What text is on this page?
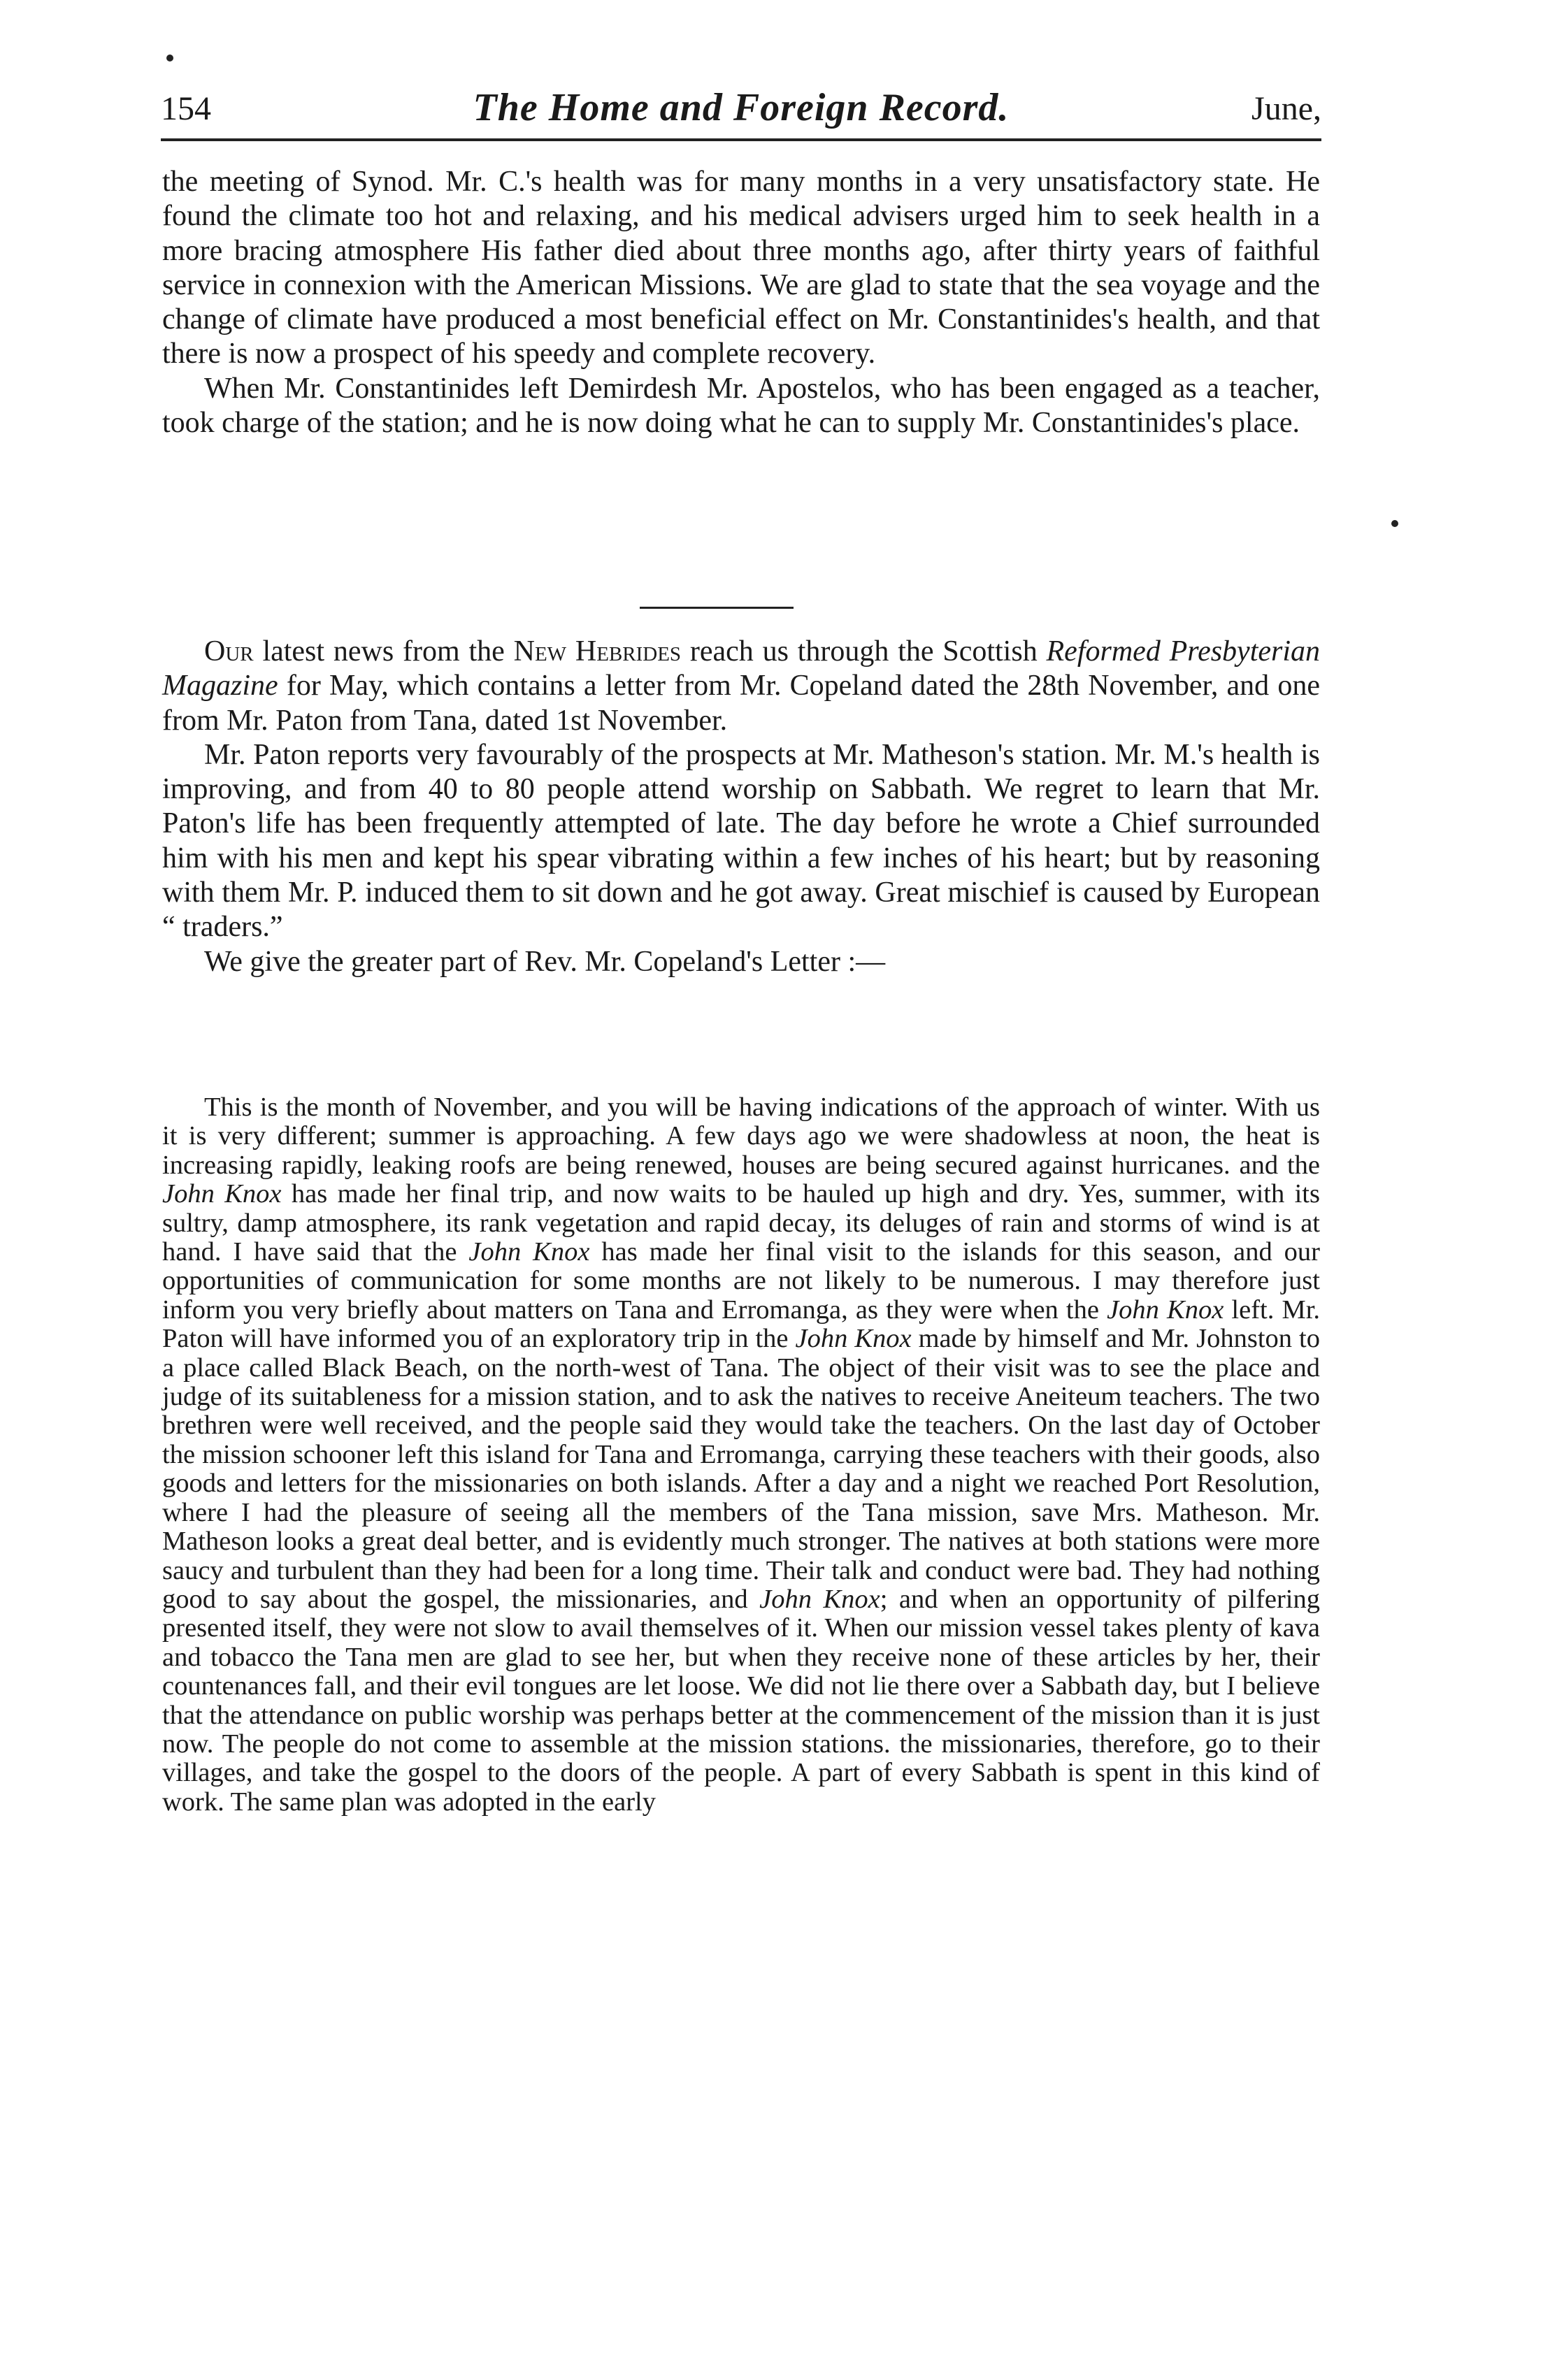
154	The Home and Foreign Record.	June,

the meeting of Synod. Mr. C.'s health was for many months in a very unsatisfactory state. He found the climate too hot and relaxing, and his medical advisers urged him to seek health in a more bracing atmosphere His father died about three months ago, after thirty years of faithful service in connexion with the American Missions. We are glad to state that the sea voyage and the change of climate have produced a most beneficial effect on Mr. Constantinides's health, and that there is now a prospect of his speedy and complete recovery.

When Mr. Constantinides left Demirdesh Mr. Apostelos, who has been engaged as a teacher, took charge of the station; and he is now doing what he can to supply Mr. Constantinides's place.

Our latest news from the New Hebrides reach us through the Scottish Reformed Presbyterian Magazine for May, which contains a letter from Mr. Copeland dated the 28th November, and one from Mr. Paton from Tana, dated 1st November.

Mr. Paton reports very favourably of the prospects at Mr. Matheson's station. Mr. M.'s health is improving, and from 40 to 80 people attend worship on Sabbath. We regret to learn that Mr. Paton's life has been frequently attempted of late. The day before he wrote a Chief surrounded him with his men and kept his spear vibrating within a few inches of his heart; but by reasoning with them Mr. P. induced them to sit down and he got away. Great mischief is caused by European “ traders.”

We give the greater part of Rev. Mr. Copeland's Letter :—

This is the month of November, and you will be having indications of the approach of winter. With us it is very different; summer is approaching. A few days ago we were shadowless at noon, the heat is increasing rapidly, leaking roofs are being renewed, houses are being secured against hurricanes. and the John Knox has made her final trip, and now waits to be hauled up high and dry. Yes, summer, with its sultry, damp atmosphere, its rank vegetation and rapid decay, its deluges of rain and storms of wind is at hand. I have said that the John Knox has made her final visit to the islands for this season, and our opportunities of communication for some months are not likely to be numerous. I may therefore just inform you very briefly about matters on Tana and Erromanga, as they were when the John Knox left. Mr. Paton will have informed you of an exploratory trip in the John Knox made by himself and Mr. Johnston to a place called Black Beach, on the north-west of Tana. The object of their visit was to see the place and judge of its suitableness for a mission station, and to ask the natives to receive Aneiteum teachers. The two brethren were well received, and the people said they would take the teachers. On the last day of October the mission schooner left this island for Tana and Erromanga, carrying these teachers with their goods, also goods and letters for the missionaries on both islands. After a day and a night we reached Port Resolution, where I had the pleasure of seeing all the members of the Tana mission, save Mrs. Matheson. Mr. Matheson looks a great deal better, and is evidently much stronger. The natives at both stations were more saucy and turbulent than they had been for a long time. Their talk and conduct were bad. They had nothing good to say about the gospel, the missionaries, and John Knox; and when an opportunity of pilfering presented itself, they were not slow to avail themselves of it. When our mission vessel takes plenty of kava and tobacco the Tana men are glad to see her, but when they receive none of these articles by her, their countenances fall, and their evil tongues are let loose. We did not lie there over a Sabbath day, but I believe that the attendance on public worship was perhaps better at the commencement of the mission than it is just now. The people do not come to assemble at the mission stations. the missionaries, therefore, go to their villages, and take the gospel to the doors of the people. A part of every Sabbath is spent in this kind of work. The same plan was adopted in the early
